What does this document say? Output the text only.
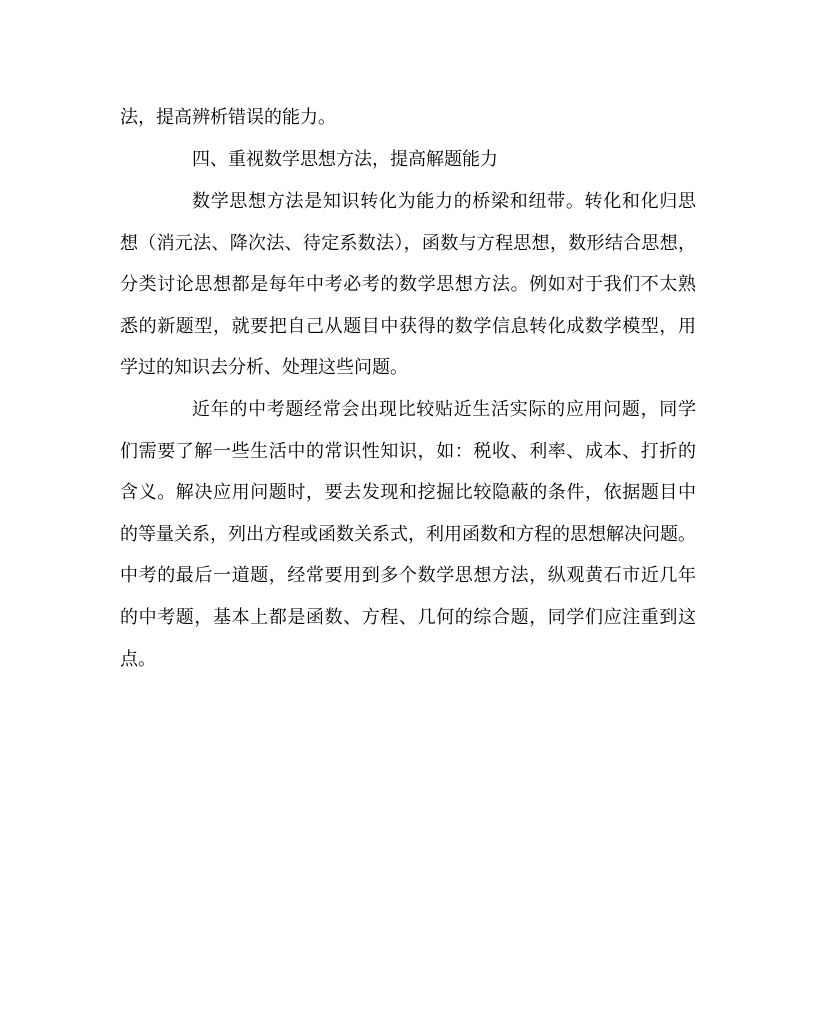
法，提高辨析错误的能力。
四、重视数学思想方法，提高解题能力
数学思想方法是知识转化为能力的桥梁和纽带。转化和化归思
想（消元法、降次法、待定系数法），函数与方程思想，数形结合思想，
分类讨论思想都是每年中考必考的数学思想方法。例如对于我们不太熟
悉的新题型，就要把自己从题目中获得的数学信息转化成数学模型，用
学过的知识去分析、处理这些问题。
近年的中考题经常会出现比较贴近生活实际的应用问题，同学
们需要了解一些生活中的常识性知识，如：税收、利率、成本、打折的
含义。解决应用问题时，要去发现和挖掘比较隐蔽的条件，依据题目中
的等量关系，列出方程或函数关系式，利用函数和方程的思想解决问题。
中考的最后一道题，经常要用到多个数学思想方法，纵观黄石市近几年
的中考题，基本上都是函数、方程、几何的综合题，同学们应注重到这
点。
